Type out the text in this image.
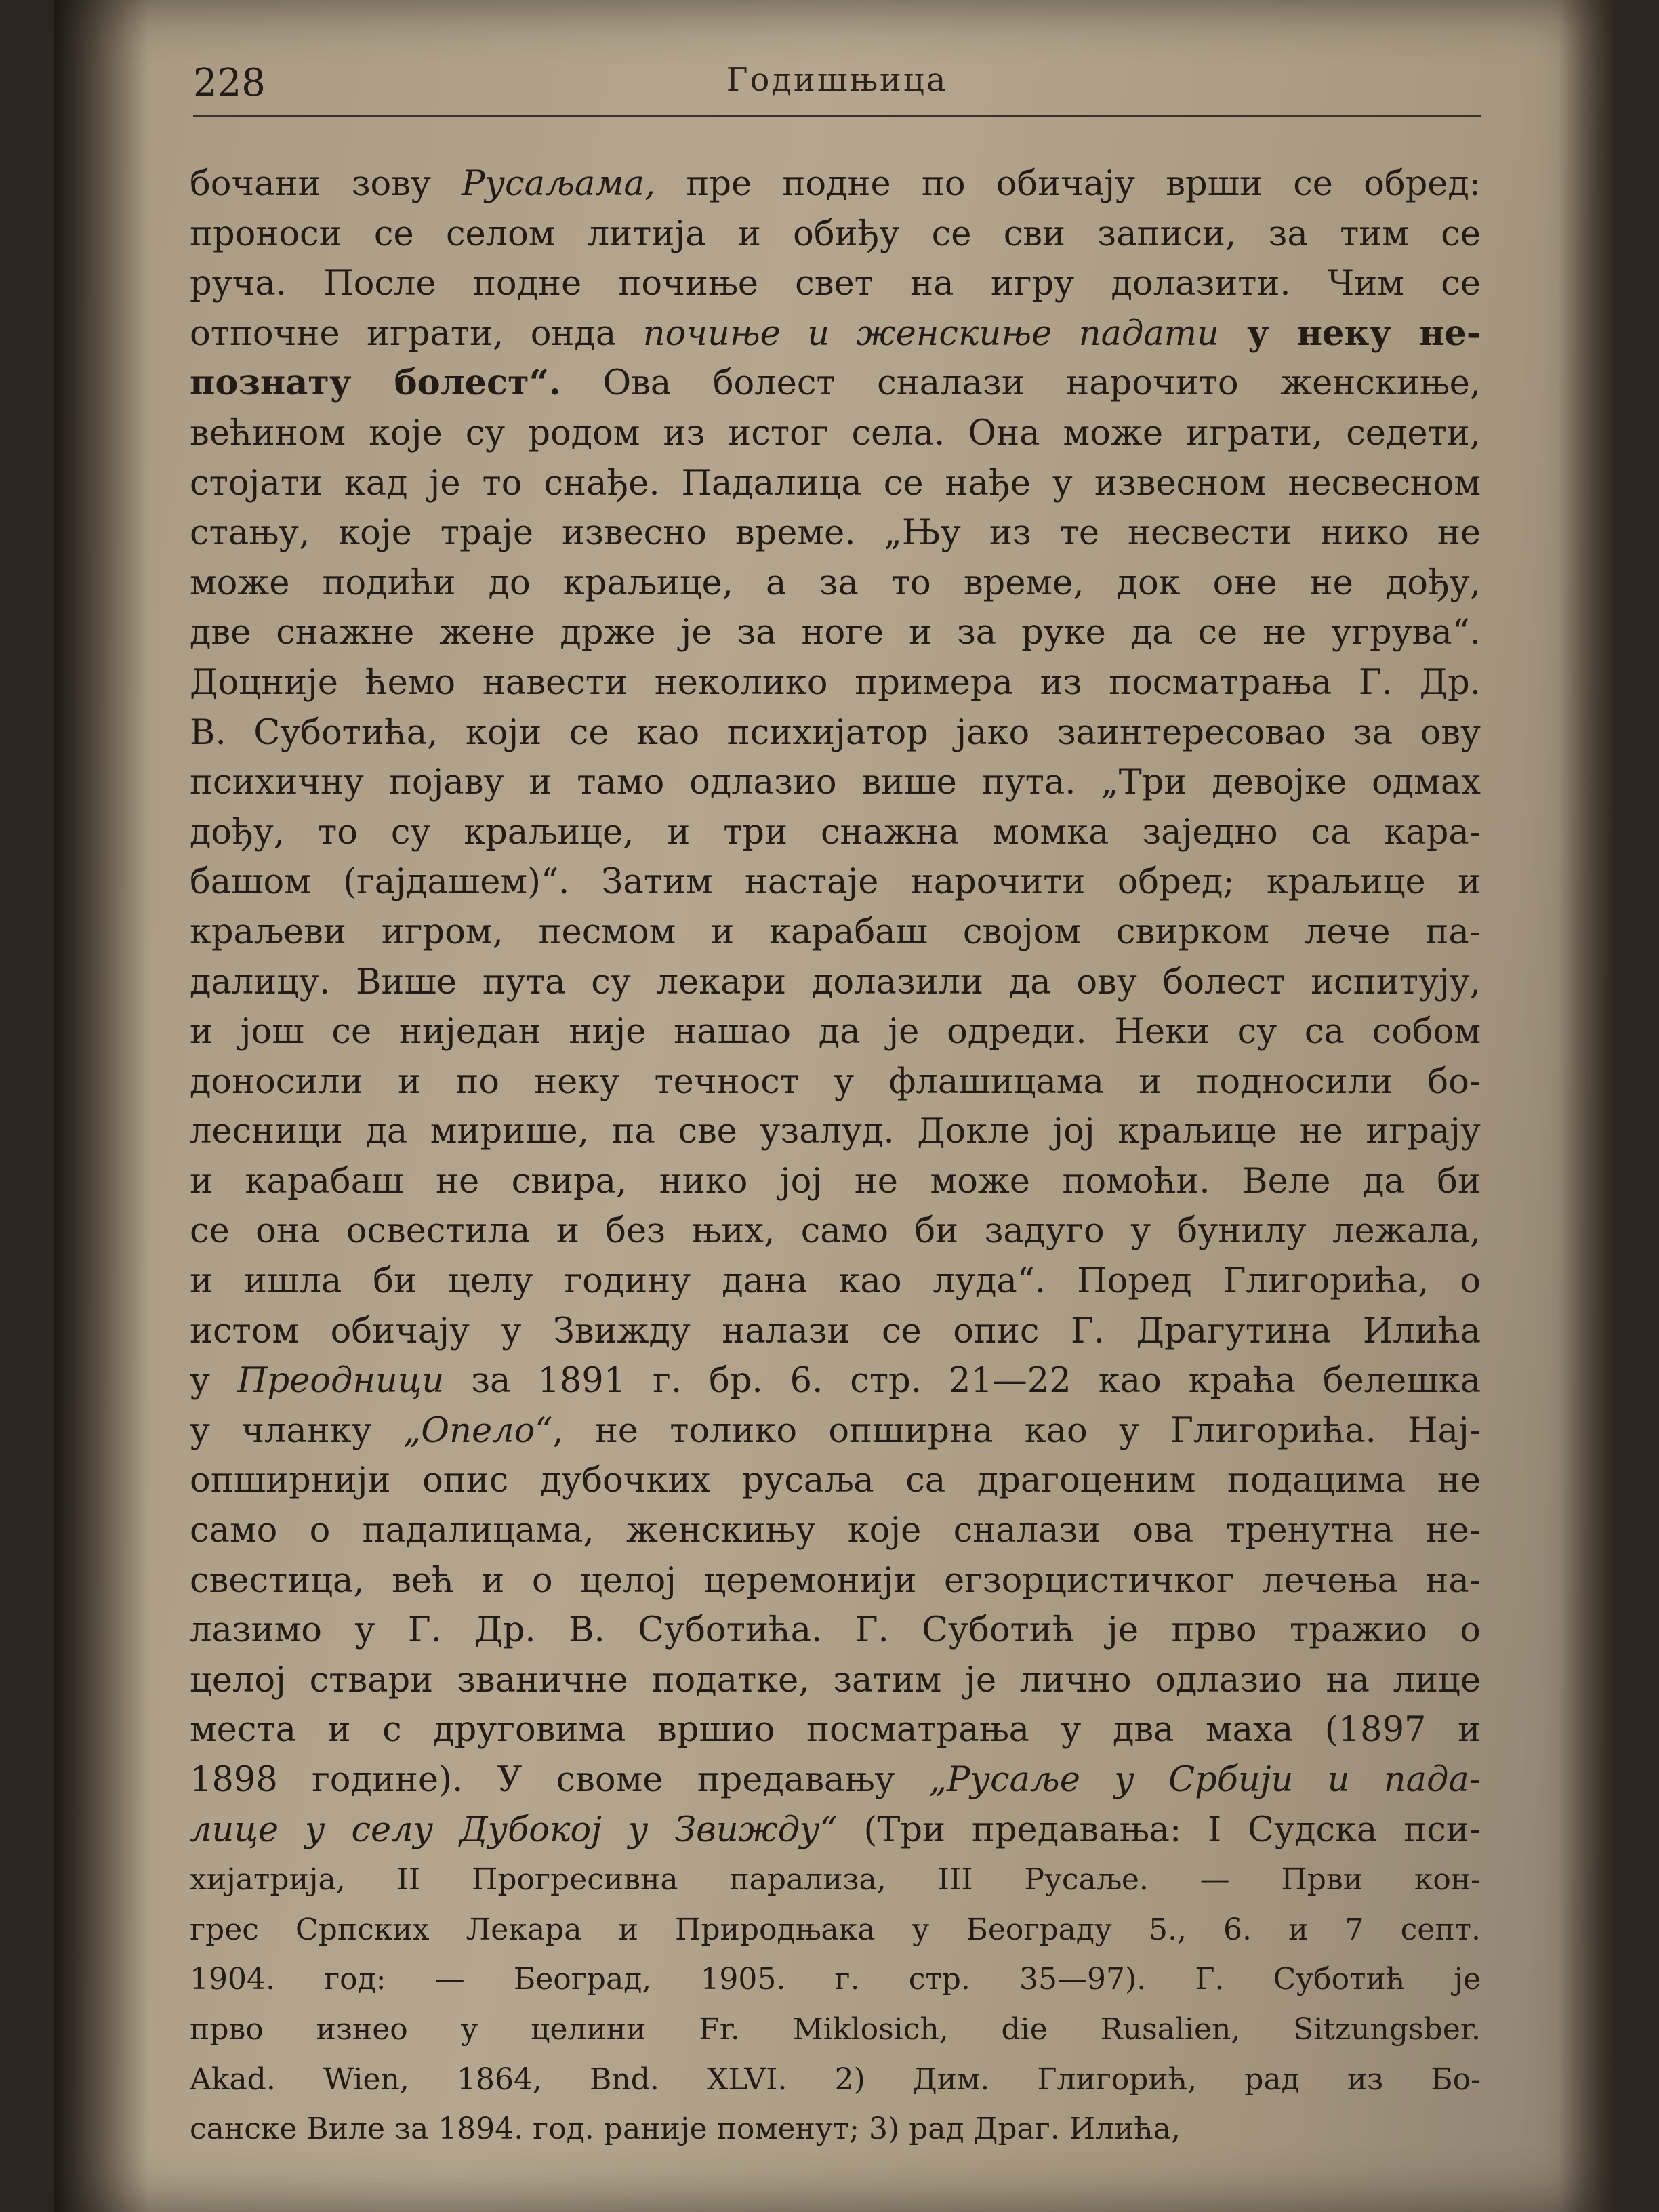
228	Годишњица
бочани зову Русаљама, пре подне по обичају врши се обред:
проноси се селом литија и обиђу се сви записи, за тим се
руча. После подне почиње свет на игру долазити. Чим се
отпочне играти, онда почиње и женскиње падати у неку не-
познату болест“. Ова болест сналази нарочито женскиње,
већином које су родом из истог села. Она може играти, седети,
стојати кад је то снађе. Падалица се нађе у извесном несвесном
стању, које траје извесно време. „Њу из те несвести нико не
може подићи до краљице, а за то време, док оне не дођу,
две снажне жене држе је за ноге и за руке да се не угрува“.
Доцније ћемо навести неколико примера из посматрања Г. Др.
В. Суботића, који се као психијатор јако заинтересовао за ову
психичну појаву и тамо одлазио више пута. „Три девојке одмах
дођу, то су краљице, и три снажна момка заједно са кара-
башом (гајдашем)“. Затим настаје нарочити обред; краљице и
краљеви игром, песмом и карабаш својом свирком лече па-
далицу. Више пута су лекари долазили да ову болест испитују,
и још се ниједан није нашао да је одреди. Неки су са собом
доносили и по неку течност у флашицама и подносили бо-
лесници да мирише, па све узалуд. Докле јој краљице не играју
и карабаш не свира, нико јој не може помоћи. Веле да би
се она освестила и без њих, само би задуго у бунилу лежала,
и ишла би целу годину дана као луда“. Поред Глигорића, о
истом обичају у Звижду налази се опис Г. Драгутина Илића
у Преодници за 1891 г. бр. 6. стр. 21—22 као краћа белешка
у чланку „Опело“, не толико опширна као у Глигорића. Нај-
опширнији опис дубочких русаља са драгоценим подацима не
само о падалицама, женскињу које сналази ова тренутна не-
свестица, већ и о целој церемонији егзорцистичког лечења на-
лазимо у Г. Др. В. Суботића. Г. Суботић је прво тражио о
целој ствари званичне податке, затим је лично одлазио на лице
места и с друговима вршио посматрања у два маха (1897 и
1898 године). У своме предавању „Русаље у Србији и пада-
лице у селу Дубокој у Звижду“ (Три предавања: I Судска пси-
хијатрија, II Прогресивна парализа, III Русаље. — Први кон-
грес Српских Лекара и Природњака у Београду 5., 6. и 7 септ.
1904. год: — Београд, 1905. г. стр. 35—97). Г. Суботић је
прво изнео у целини Fr. Miklosich, die Rusalien, Sitzungsber.
Akad. Wien, 1864, Bnd. XLVI. 2) Дим. Глигорић, рад из Бо-
санске Виле за 1894. год. раније поменут; 3) рад Драг. Илића,
